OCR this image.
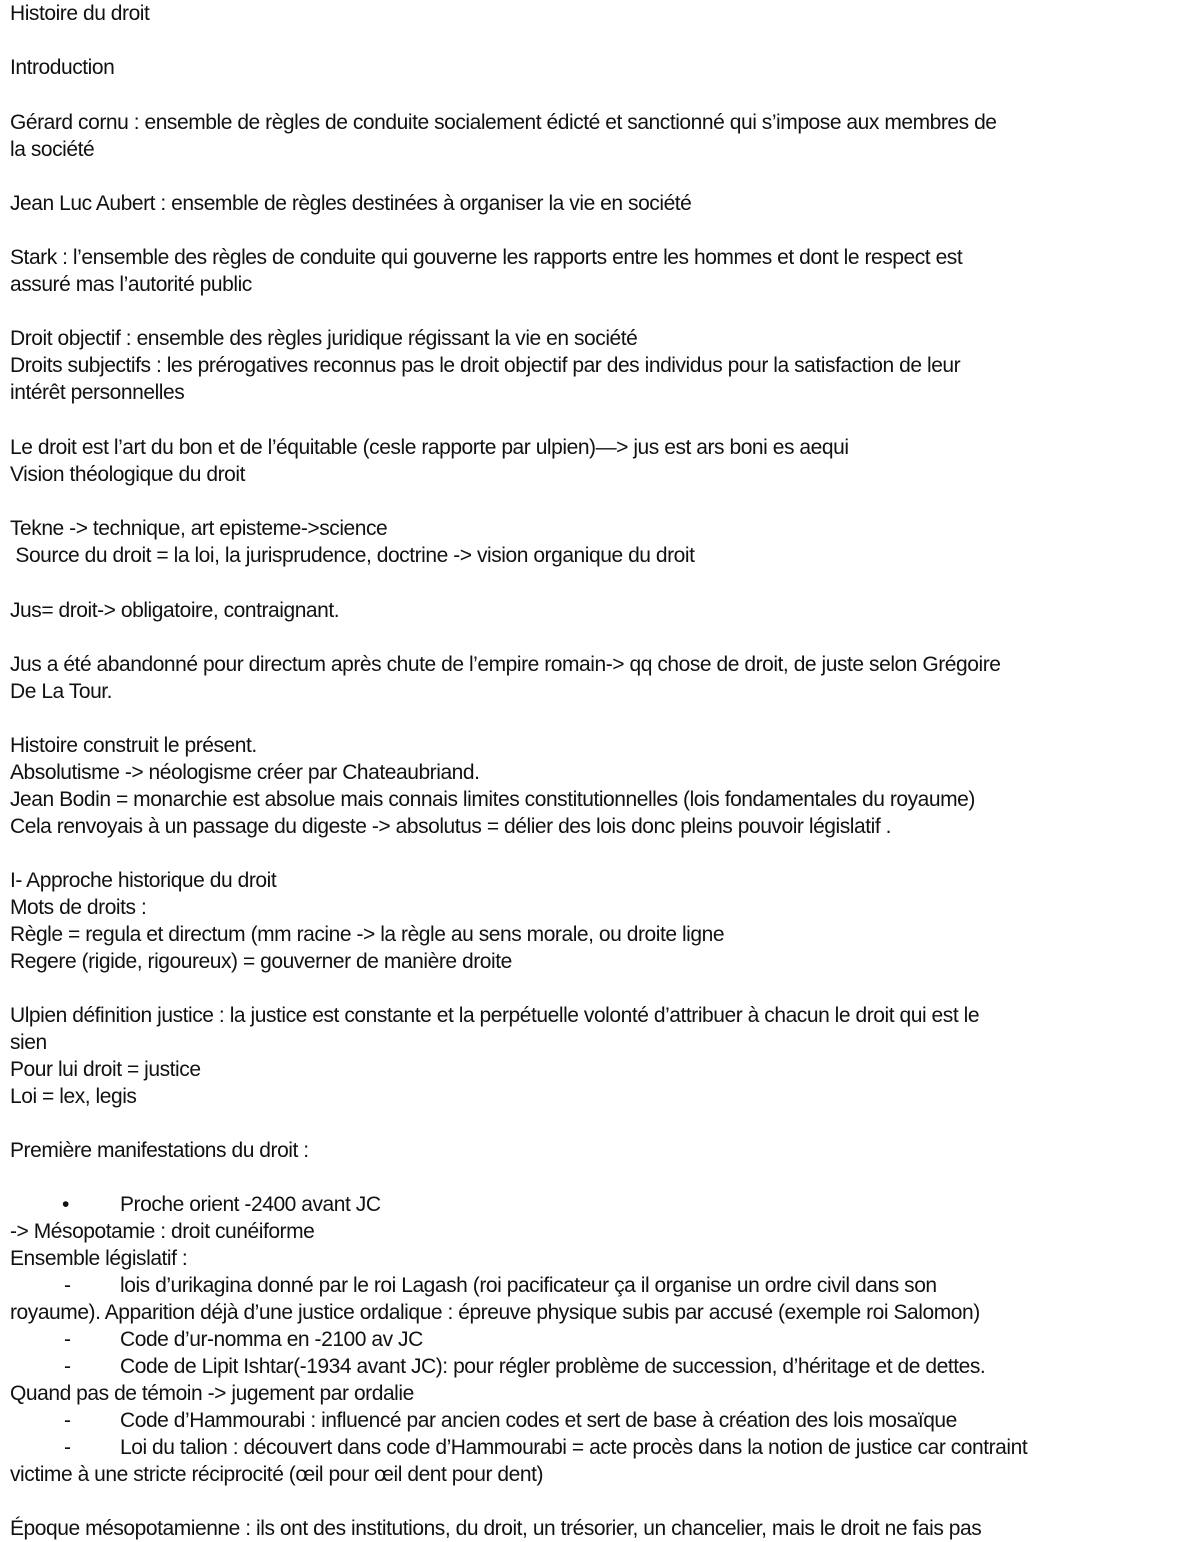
Histoire du droit
Introduction
Gérard cornu : ensemble de règles de conduite socialement édicté et sanctionné qui s’impose aux membres de
la société
Jean Luc Aubert : ensemble de règles destinées à organiser la vie en société
Stark : l’ensemble des règles de conduite qui gouverne les rapports entre les hommes et dont le respect est
assuré mas l’autorité public
Droit objectif : ensemble des règles juridique régissant la vie en société
Droits subjectifs : les prérogatives reconnus pas le droit objectif par des individus pour la satisfaction de leur
intérêt personnelles
Le droit est l’art du bon et de l’équitable (cesle rapporte par ulpien)—> jus est ars boni es aequi
Vision théologique du droit
Tekne -> technique, art episteme->science
Source du droit = la loi, la jurisprudence, doctrine -> vision organique du droit
Jus= droit-> obligatoire, contraignant.
Jus a été abandonné pour directum après chute de l’empire romain-> qq chose de droit, de juste selon Grégoire
De La Tour.
Histoire construit le présent.
Absolutisme -> néologisme créer par Chateaubriand.
Jean Bodin = monarchie est absolue mais connais limites constitutionnelles (lois fondamentales du royaume)
Cela renvoyais à un passage du digeste -> absolutus = délier des lois donc pleins pouvoir législatif .
I- Approche historique du droit
Mots de droits :
Règle = regula et directum (mm racine -> la règle au sens morale, ou droite ligne
Regere (rigide, rigoureux) = gouverner de manière droite
Ulpien définition justice : la justice est constante et la perpétuelle volonté d’attribuer à chacun le droit qui est le
sien
Pour lui droit = justice
Loi = lex, legis
Première manifestations du droit :
• Proche orient -2400 avant JC
-> Mésopotamie : droit cunéiforme
Ensemble législatif :
- lois d’urikagina donné par le roi Lagash (roi pacificateur ça il organise un ordre civil dans son
royaume). Apparition déjà d’une justice ordalique : épreuve physique subis par accusé (exemple roi Salomon)
- Code d’ur-nomma en -2100 av JC
- Code de Lipit Ishtar(-1934 avant JC): pour régler problème de succession, d’héritage et de dettes.
Quand pas de témoin -> jugement par ordalie
- Code d’Hammourabi : influencé par ancien codes et sert de base à création des lois mosaïque
- Loi du talion : découvert dans code d’Hammourabi = acte procès dans la notion de justice car contraint
victime à une stricte réciprocité (œil pour œil dent pour dent)
Époque mésopotamienne : ils ont des institutions, du droit, un trésorier, un chancelier, mais le droit ne fais pas
